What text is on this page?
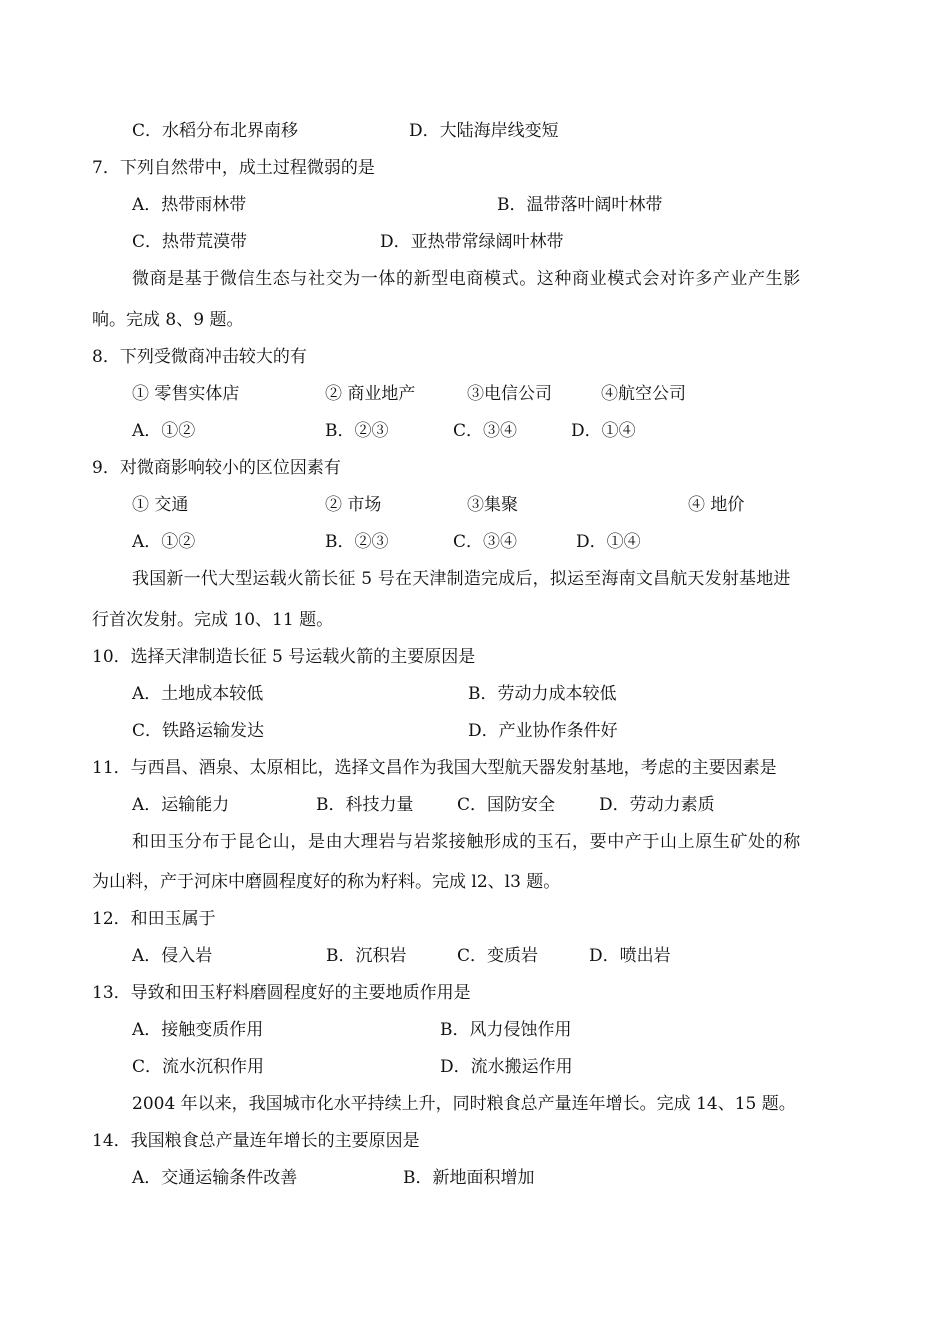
C．水稻分布北界南移	D．大陆海岸线变短
7．下列自然带中，成土过程微弱的是
A．热带雨林带	B．温带落叶阔叶林带
C．热带荒漠带	D．亚热带常绿阔叶林带
微商是基于微信生态与社交为一体的新型电商模式。这种商业模式会对许多产业产生影
响。完成 8、9 题。
8．下列受微商冲击较大的有
① 零售实体店	② 商业地产	③电信公司	④航空公司
A．①②	B．②③	C．③④	D．①④
9．对微商影响较小的区位因素有
① 交通	② 市场	③集聚	④ 地价
A．①②	B．②③	C．③④	D．①④
我国新一代大型运载火箭长征 5 号在天津制造完成后，拟运至海南文昌航天发射基地进
行首次发射。完成 10、11 题。
10．选择天津制造长征 5 号运载火箭的主要原因是
A．土地成本较低	B．劳动力成本较低
C．铁路运输发达	D．产业协作条件好
11．与西昌、酒泉、太原相比，选择文昌作为我国大型航天器发射基地，考虑的主要因素是
A．运输能力	B．科技力量	C．国防安全	D．劳动力素质
和田玉分布于昆仑山，是由大理岩与岩浆接触形成的玉石，要中产于山上原生矿处的称
为山料，产于河床中磨圆程度好的称为籽料。完成 l2、l3 题。
12．和田玉属于
A．侵入岩	B．沉积岩	C．变质岩	D．喷出岩
13．导致和田玉籽料磨圆程度好的主要地质作用是
A．接触变质作用	B．风力侵蚀作用
C．流水沉积作用	D．流水搬运作用
2004 年以来，我国城市化水平持续上升，同时粮食总产量连年增长。完成 14、15 题。
14．我国粮食总产量连年增长的主要原因是
A．交通运输条件改善	B．新地面积增加
